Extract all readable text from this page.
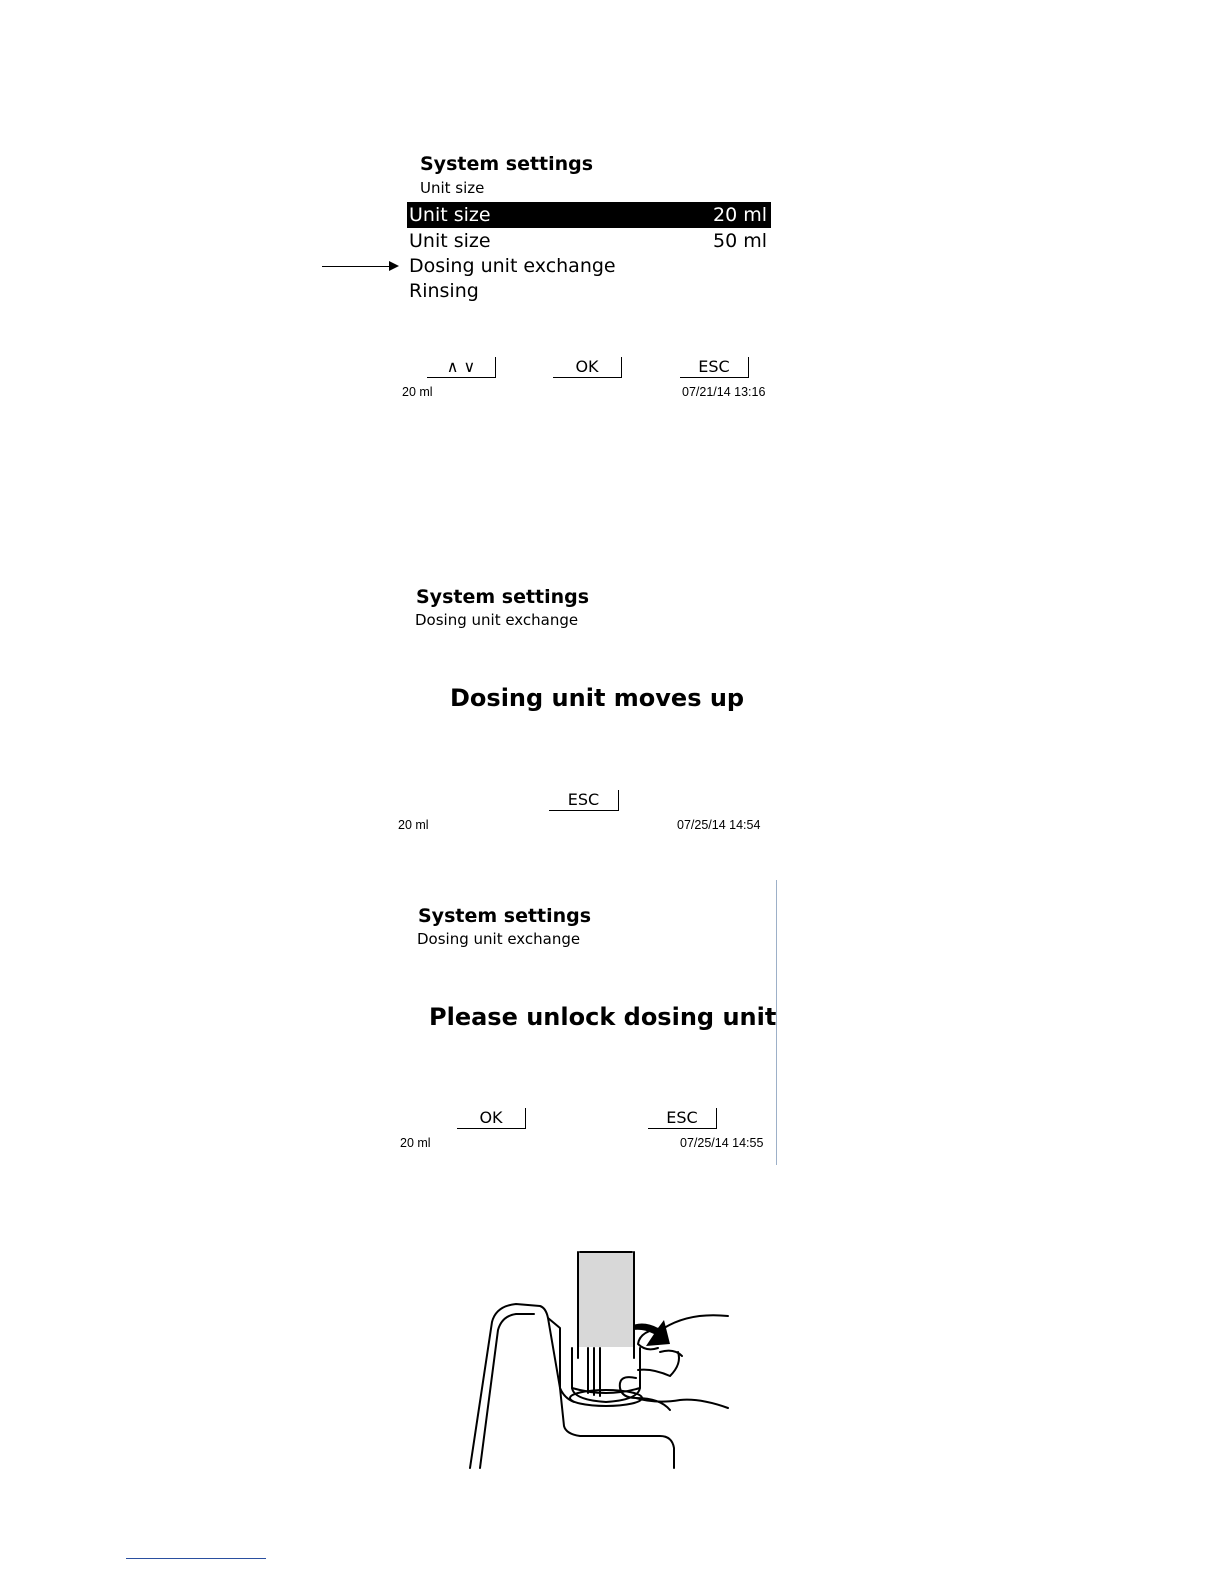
System settings
Unit size
Unit size	20 ml
Unit size	50 ml
Dosing unit exchange
Rinsing
∧ ∨	OK	ESC
20 ml	07/21/14 13:16
System settings
Dosing unit exchange
Dosing unit moves up
ESC
20 ml	07/25/14 14:54
System settings
Dosing unit exchange
Please unlock dosing unit
OK	ESC
20 ml	07/25/14 14:55
